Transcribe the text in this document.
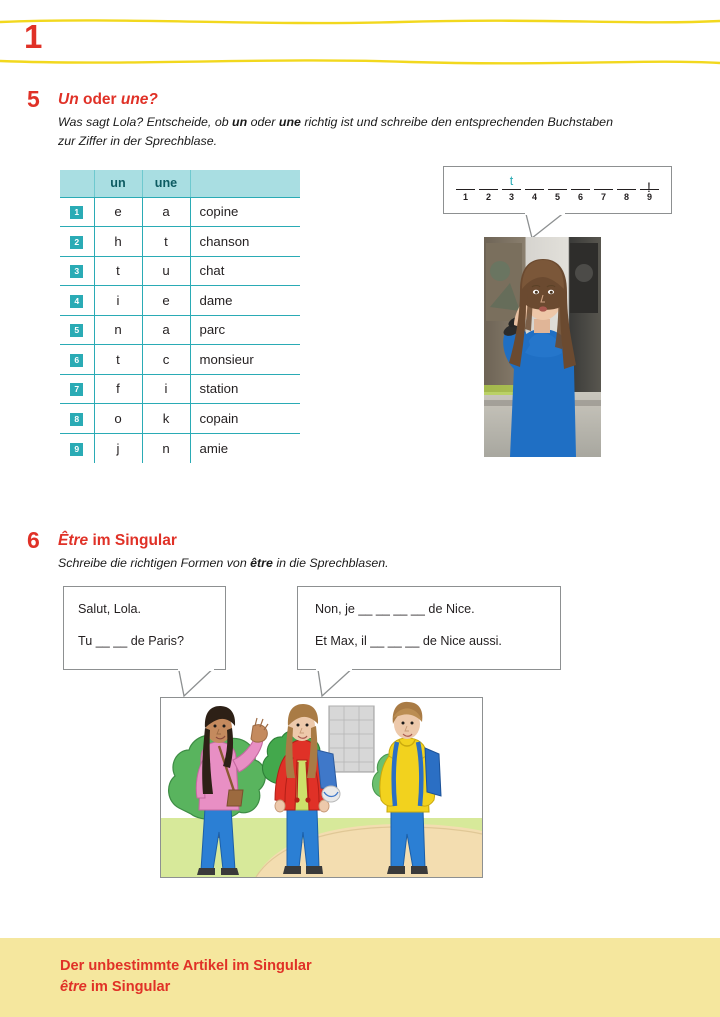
1
5 Un oder une?
Was sagt Lola? Entscheide, ob un oder une richtig ist und schreibe den entsprechenden Buchstaben zur Ziffer in der Sprechblase.
	un	une	
1	e	a	copine
2	h	t	chanson
3	t	u	chat
4	i	e	dame
5	n	a	parc
6	t	c	monsieur
7	f	i	station
8	o	k	copain
9	j	n	amie

1
	2
t
3
	4
	5
	6
	7
	8
	9
!
6 Être im Singular
Schreibe die richtigen Formen von être in die Sprechblasen.
Salut, Lola.
Tu __ __ de Paris?
Non, je __ __ __ __ de Nice.
Et Max, il __ __ __ de Nice aussi.
Der unbestimmte Artikel im Singular
être im Singular
